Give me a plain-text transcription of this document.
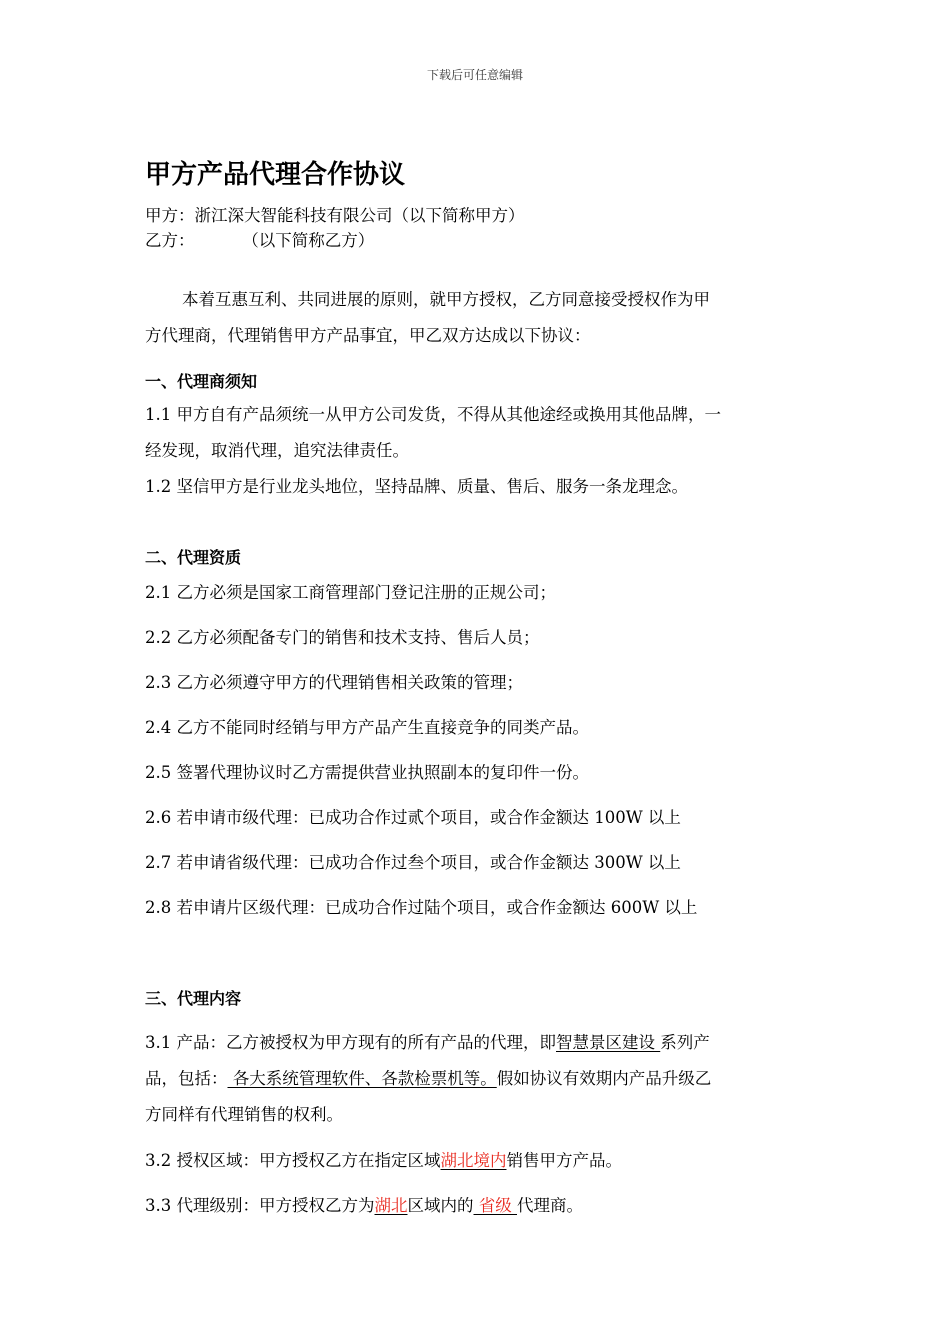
下载后可任意编辑
甲方产品代理合作协议
甲方：浙江深大智能科技有限公司（以下简称甲方）
乙方：	（以下简称乙方）
本着互惠互利、共同进展的原则，就甲方授权，乙方同意接受授权作为甲
方代理商，代理销售甲方产品事宜，甲乙双方达成以下协议：
一、代理商须知
1.1 甲方自有产品须统一从甲方公司发货，不得从其他途经或换用其他品牌，一
经发现，取消代理，追究法律责任。
1.2 坚信甲方是行业龙头地位，坚持品牌、质量、售后、服务一条龙理念。
二、代理资质
2.1 乙方必须是国家工商管理部门登记注册的正规公司；
2.2 乙方必须配备专门的销售和技术支持、售后人员；
2.3 乙方必须遵守甲方的代理销售相关政策的管理；
2.4 乙方不能同时经销与甲方产品产生直接竞争的同类产品。
2.5 签署代理协议时乙方需提供营业执照副本的复印件一份。
2.6 若申请市级代理：已成功合作过贰个项目，或合作金额达 100W 以上
2.7 若申请省级代理：已成功合作过叁个项目，或合作金额达 300W 以上
2.8 若申请片区级代理：已成功合作过陆个项目，或合作金额达 600W 以上
三、代理内容
3.1 产品：乙方被授权为甲方现有的所有产品的代理，即智慧景区建设 系列产
品，包括： 各大系统管理软件、各款检票机等。假如协议有效期内产品升级乙
方同样有代理销售的权利。
3.2 授权区域：甲方授权乙方在指定区域湖北境内销售甲方产品。
3.3 代理级别：甲方授权乙方为湖北区域内的 省级 代理商。
